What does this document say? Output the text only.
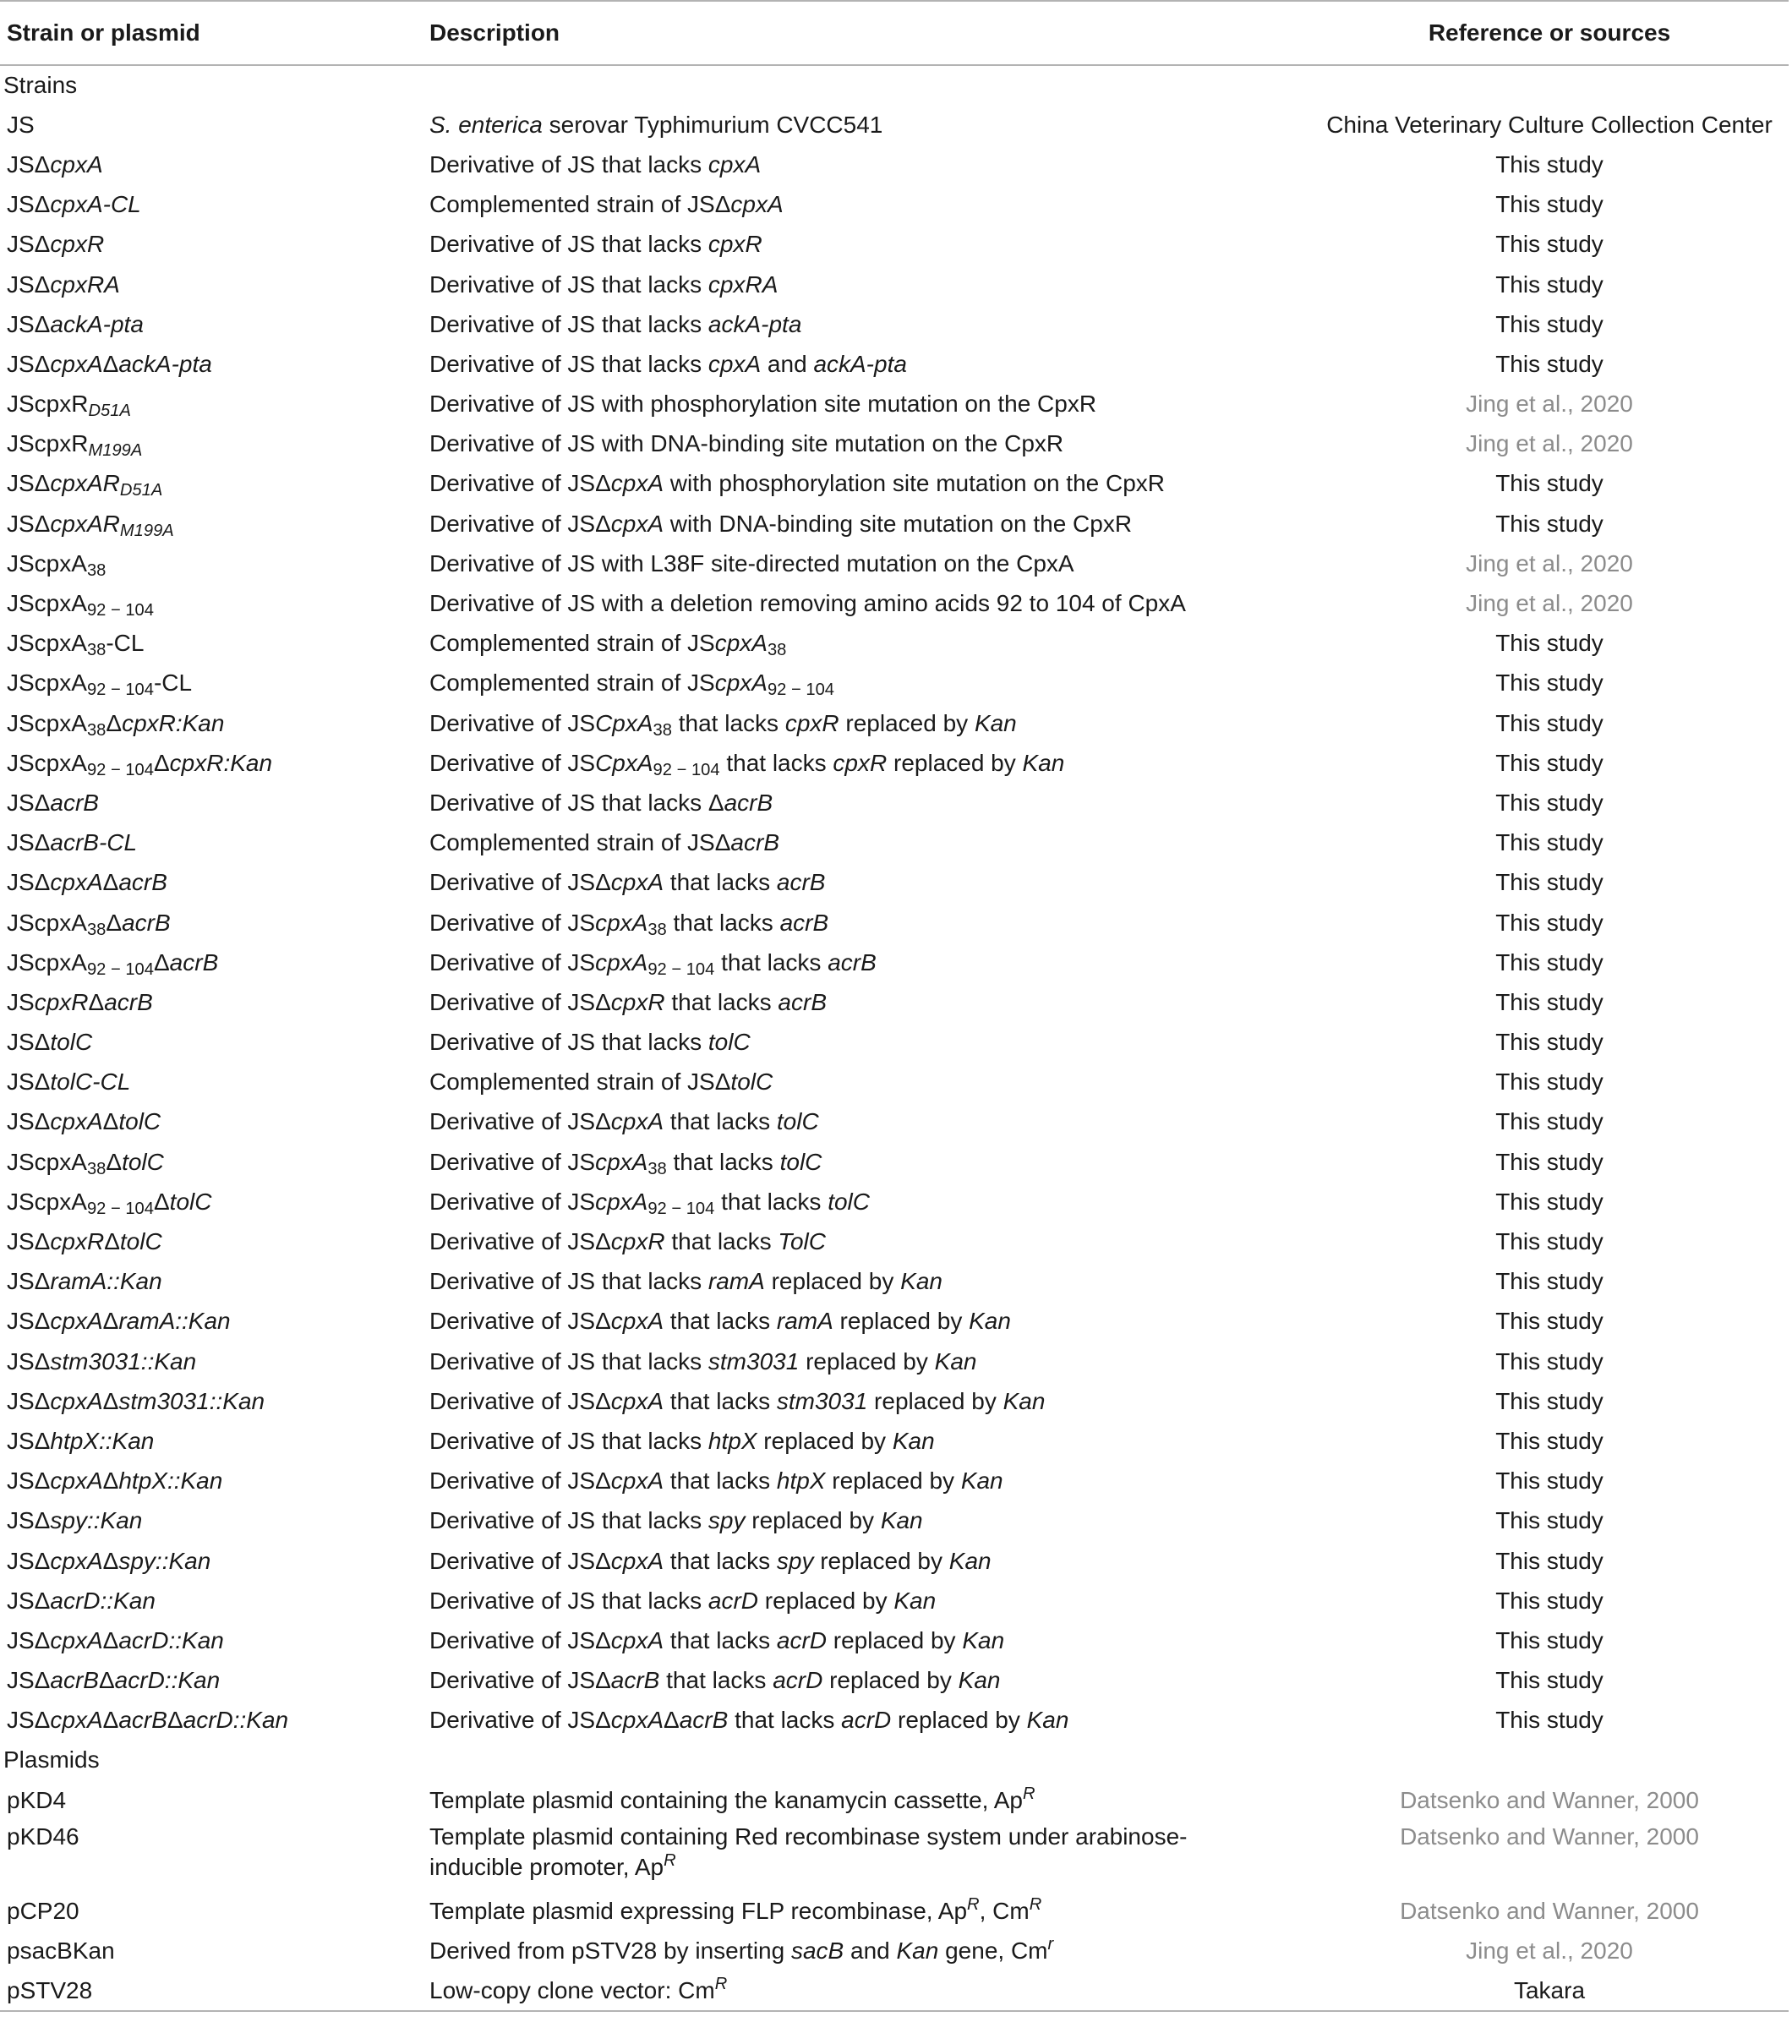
Strain or plasmid	Description	Reference or sources
Strains		
JS	S. enterica serovar Typhimurium CVCC541	China Veterinary Culture Collection Center
JSΔcpxA	Derivative of JS that lacks cpxA	This study
JSΔcpxA-CL	Complemented strain of JSΔcpxA	This study
JSΔcpxR	Derivative of JS that lacks cpxR	This study
JSΔcpxRA	Derivative of JS that lacks cpxRA	This study
JSΔackA-pta	Derivative of JS that lacks ackA-pta	This study
JSΔcpxAΔackA-pta	Derivative of JS that lacks cpxA and ackA-pta	This study
JScpxR$_{D51A}$	Derivative of JS with phosphorylation site mutation on the CpxR	Jing et al., 2020
JScpxR$_{M199A}$	Derivative of JS with DNA-binding site mutation on the CpxR	Jing et al., 2020
JSΔcpxAR$_{D51A}$	Derivative of JSΔcpxA with phosphorylation site mutation on the CpxR	This study
JSΔcpxAR$_{M199A}$	Derivative of JSΔcpxA with DNA-binding site mutation on the CpxR	This study
JScpxA$_{38}$	Derivative of JS with L38F site-directed mutation on the CpxA	Jing et al., 2020
JScpxA$_{92 - 104}$	Derivative of JS with a deletion removing amino acids 92 to 104 of CpxA	Jing et al., 2020
JScpxA$_{38}$-CL	Complemented strain of JScpxA$_{38}$	This study
JScpxA$_{92 - 104}$-CL	Complemented strain of JScpxA$_{92 - 104}$	This study
JScpxA$_{38}$ΔcpxR:Kan	Derivative of JSCpxA$_{38}$ that lacks cpxR replaced by Kan	This study
JScpxA$_{92 - 104}$ΔcpxR:Kan	Derivative of JSCpxA$_{92 - 104}$ that lacks cpxR replaced by Kan	This study
JSΔacrB	Derivative of JS that lacks ΔacrB	This study
JSΔacrB-CL	Complemented strain of JSΔacrB	This study
JSΔcpxAΔacrB	Derivative of JSΔcpxA that lacks acrB	This study
JScpxA$_{38}$ΔacrB	Derivative of JScpxA$_{38}$ that lacks acrB	This study
JScpxA$_{92 - 104}$ΔacrB	Derivative of JScpxA$_{92 - 104}$ that lacks acrB	This study
JScpxRΔacrB	Derivative of JSΔcpxR that lacks acrB	This study
JSΔtolC	Derivative of JS that lacks tolC	This study
JSΔtolC-CL	Complemented strain of JSΔtolC	This study
JSΔcpxAΔtolC	Derivative of JSΔcpxA that lacks tolC	This study
JScpxA$_{38}$ΔtolC	Derivative of JScpxA$_{38}$ that lacks tolC	This study
JScpxA$_{92 - 104}$ΔtolC	Derivative of JScpxA$_{92 - 104}$ that lacks tolC	This study
JSΔcpxRΔtolC	Derivative of JSΔcpxR that lacks TolC	This study
JSΔramA::Kan	Derivative of JS that lacks ramA replaced by Kan	This study
JSΔcpxAΔramA::Kan	Derivative of JSΔcpxA that lacks ramA replaced by Kan	This study
JSΔstm3031::Kan	Derivative of JS that lacks stm3031 replaced by Kan	This study
JSΔcpxAΔstm3031::Kan	Derivative of JSΔcpxA that lacks stm3031 replaced by Kan	This study
JSΔhtpX::Kan	Derivative of JS that lacks htpX replaced by Kan	This study
JSΔcpxAΔhtpX::Kan	Derivative of JSΔcpxA that lacks htpX replaced by Kan	This study
JSΔspy::Kan	Derivative of JS that lacks spy replaced by Kan	This study
JSΔcpxAΔspy::Kan	Derivative of JSΔcpxA that lacks spy replaced by Kan	This study
JSΔacrD::Kan	Derivative of JS that lacks acrD replaced by Kan	This study
JSΔcpxAΔacrD::Kan	Derivative of JSΔcpxA that lacks acrD replaced by Kan	This study
JSΔacrBΔacrD::Kan	Derivative of JSΔacrB that lacks acrD replaced by Kan	This study
JSΔcpxAΔacrBΔacrD::Kan	Derivative of JSΔcpxAΔacrB that lacks acrD replaced by Kan	This study
Plasmids		
pKD4	Template plasmid containing the kanamycin cassette, $Ap^R$	Datsenko and Wanner, 2000
pKD46	Template plasmid containing Red recombinase system under arabinose-inducible promoter, $Ap^R$	Datsenko and Wanner, 2000
pCP20	Template plasmid expressing FLP recombinase, $Ap^R$, $Cm^R$	Datsenko and Wanner, 2000
psacBKan	Derived from pSTV28 by inserting sacB and Kan gene, Cm$^r$	Jing et al., 2020
pSTV28	Low-copy clone vector: $Cm^R$	Takara
